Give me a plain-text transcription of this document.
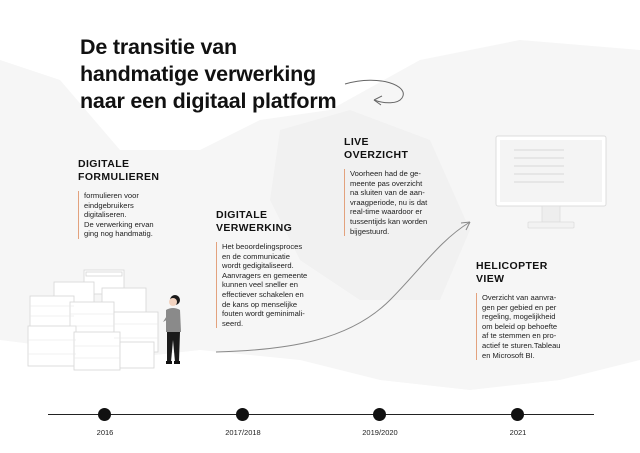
De transitie van
handmatige verwerking
naar een digitaal platform
DIGITALE
FORMULIEREN
formulieren voor
eindgebruikers
digitaliseren.
De verwerking ervan
ging nog handmatig.
DIGITALE
VERWERKING
Het beoordelingsproces
en de communicatie
wordt gedigitaliseerd.
Aanvragers en gemeente
kunnen veel sneller en
effectiever schakelen en
de kans op menselijke
fouten wordt geminimali-
seerd.
LIVE
OVERZICHT
Voorheen had de ge-
meente pas overzicht
na sluiten van de aan-
vraagperiode, nu is dat
real-time waardoor er
tussentijds kan worden
bijgestuurd.
HELICOPTER
VIEW
Overzicht van aanvra-
gen per gebied en per
regeling, mogelijkheid
om beleid op behoefte
af te stemmen en pro-
actief te sturen.Tableau
en Microsoft BI.
2016	2017/2018	2019/2020	2021
